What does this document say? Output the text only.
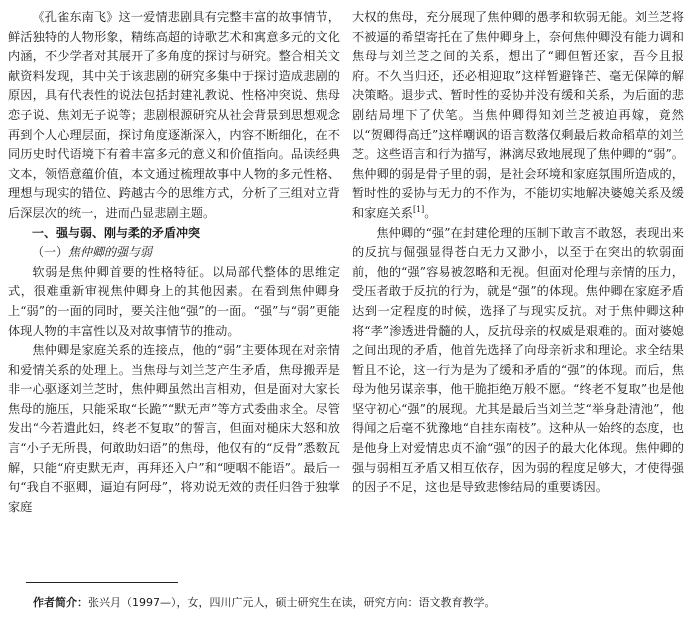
《孔雀东南飞》这一爱情悲剧具有完整丰富的故事情节，鲜活独特的人物形象，精练高超的诗歌艺术和寓意多元的文化内涵，不少学者对其展开了多角度的探讨与研究。整合相关文献资料发现，其中关于该悲剧的研究多集中于探讨造成悲剧的原因，具有代表性的说法包括封建礼教说、性格冲突说、焦母恋子说、焦刘无子说等；悲剧根源研究从社会背景到思想观念再到个人心理层面，探讨角度逐渐深入，内容不断细化，在不同历史时代语境下有着丰富多元的意义和价值指向。品读经典文本，领悟意蕴价值，本文通过梳理故事中人物的多元性格、理想与现实的错位、跨越古今的思维方式，分析了三组对立背后深层次的统一，进而凸显悲剧主题。

一、强与弱、刚与柔的矛盾冲突
（一）焦仲卿的强与弱

软弱是焦仲卿首要的性格特征。以局部代整体的思维定式，很难重新审视焦仲卿身上的其他因素。在看到焦仲卿身上“弱”的一面的同时，要关注他“强”的一面。“强”与“弱”更能体现人物的丰富性以及对故事情节的推动。

焦仲卿是家庭关系的连接点，他的“弱”主要体现在对亲情和爱情关系的处理上。当焦母与刘兰芝产生矛盾，焦母搬弄是非一心驱逐刘兰芝时，焦仲卿虽然出言相劝，但是面对大家长焦母的施压，只能采取“长跪”“默无声”等方式委曲求全。尽管发出“今若遣此妇，终老不复取”的誓言，但面对槌床大怒和放言“小子无所畏，何敢助妇语”的焦母，他仅有的“反骨”悉数瓦解，只能“府吏默无声，再拜还入户”和“哽咽不能语”。最后一句“我自不驱卿，逼迫有阿母”，将劝说无效的责任归咎于独掌家庭

大权的焦母，充分展现了焦仲卿的愚孝和软弱无能。刘兰芝将不被逼的希望寄托在了焦仲卿身上，奈何焦仲卿没有能力调和焦母与刘兰芝之间的关系，想出了“卿但暂还家，吾今且报府。不久当归还，还必相迎取”这样暂避锋芒、毫无保障的解决策略。退步式、暂时性的妥协并没有缓和关系，为后面的悲剧结局埋下了伏笔。当焦仲卿得知刘兰芝被迫再嫁，竟然以“贺卿得高迁”这样嘲讽的语言数落仅剩最后救命稻草的刘兰芝。这些语言和行为描写，淋漓尽致地展现了焦仲卿的“弱”。焦仲卿的弱是骨子里的弱，是社会环境和家庭氛围所造成的，暂时性的妥协与无力的不作为，不能切实地解决婆媳关系及缓和家庭关系[1]。

焦仲卿的“强”在封建伦理的压制下敢言不敢怒，表现出来的反抗与倔强显得苍白无力又渺小，以至于在突出的软弱面前，他的“强”容易被忽略和无视。但面对伦理与亲情的压力，受压者敢于反抗的行为，就是“强”的体现。焦仲卿在家庭矛盾达到一定程度的时候，选择了与现实反抗。对于焦仲卿这种将“孝”渗透进骨髓的人，反抗母亲的权威是艰难的。面对婆媳之间出现的矛盾，他首先选择了向母亲祈求和理论。求全结果暂且不论，这一行为是为了缓和矛盾的“强”的体现。而后，焦母为他另谋亲事，他干脆拒绝万般不愿。“终老不复取”也是他坚守初心“强”的展现。尤其是最后当刘兰芝“举身赴清池”，他得闻之后毫不犹豫地“自挂东南枝”。这种从一始终的态度，也是他身上对爱情忠贞不渝“强”的因子的最大化体现。焦仲卿的强与弱相互矛盾又相互依存，因为弱的程度足够大，才使得强的因子不足，这也是导致悲惨结局的重要诱因。

作者简介：张兴月（1997—），女，四川广元人，硕士研究生在读，研究方向：语文教育教学。
